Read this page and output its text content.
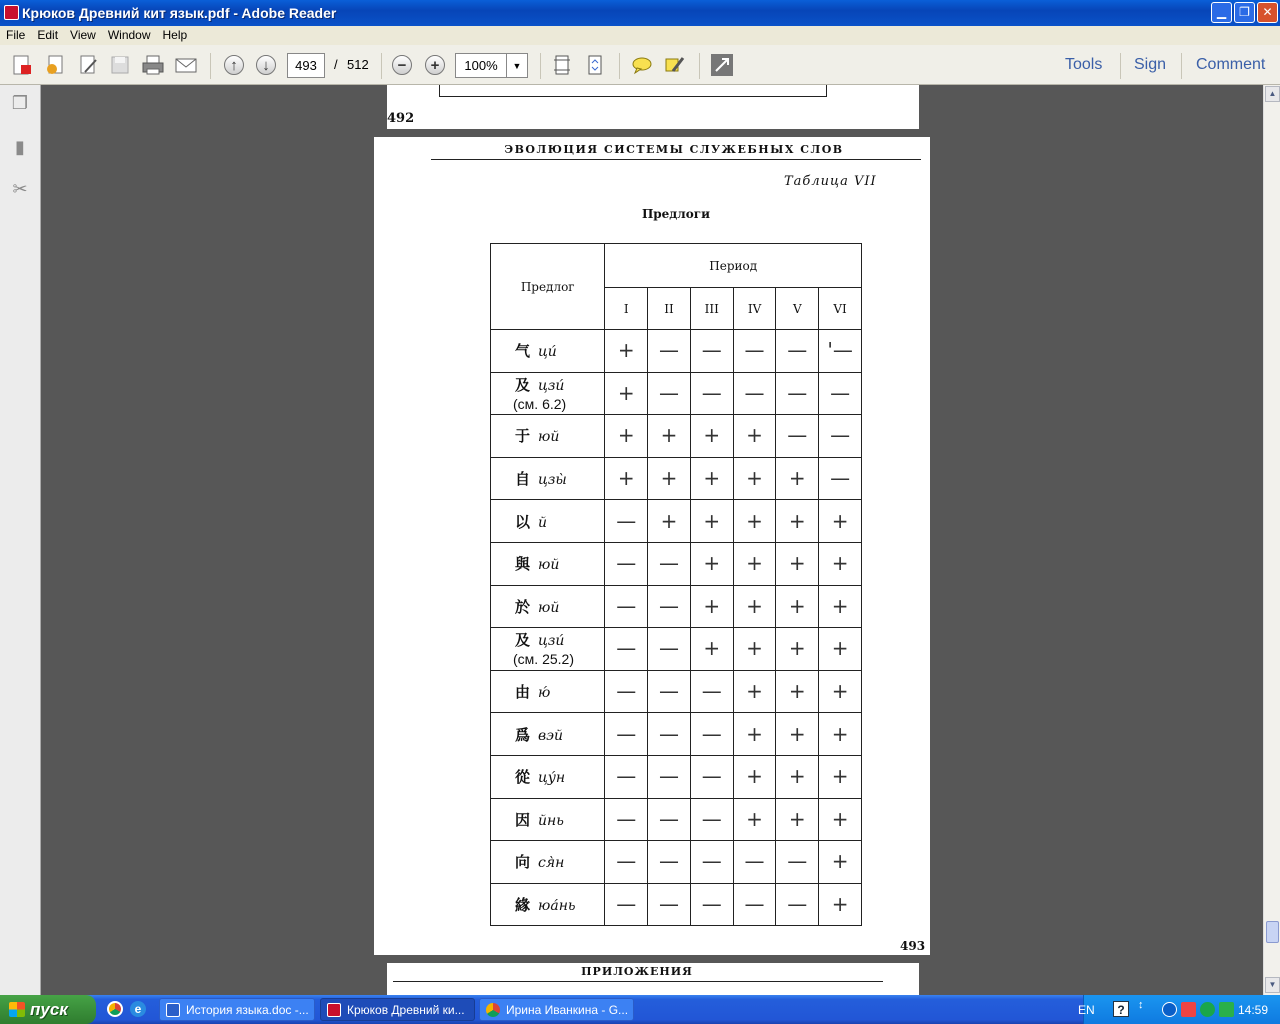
Крюков Древний кит язык.pdf - Adobe Reader	▁	❐	✕
File Edit View Window Help
↑	↓	493	/ 512	−	+	100%	▼	Tools Sign Comment
❐
▮
✂
492
ЭВОЛЮЦИЯ СИСТЕМЫ СЛУЖЕБНЫХ СЛОВ
Таблица VII
Предлоги
Предлог	Период					
	I	II	III	IV	V	VI
气 ци́	+	—	—	—	—	'—
及 цзи́
(см. 6.2)	+	—	—	—	—	—
于 юй	+	+	+	+	—	—
自 цзы̀	+	+	+	+	+	—
以 й	—	+	+	+	+	+
與 юй	—	—	+	+	+	+
於 юй	—	—	+	+	+	+
及 цзи́
(см. 25.2)	—	—	+	+	+	+
由 ю́	—	—	—	+	+	+
爲 вэй	—	—	—	+	+	+
從 цу́н	—	—	—	+	+	+
因 йнь	—	—	—	+	+	+
向 ся̀н	—	—	—	—	—	+
緣 юа́нь	—	—	—	—	—	+
493
ПРИЛОЖЕНИЯ
▲
▼
пуск	e	История языка.doc -...	Крюков Древний ки...	Ирина Иванкина - G...	EN	?	↕	14:59
